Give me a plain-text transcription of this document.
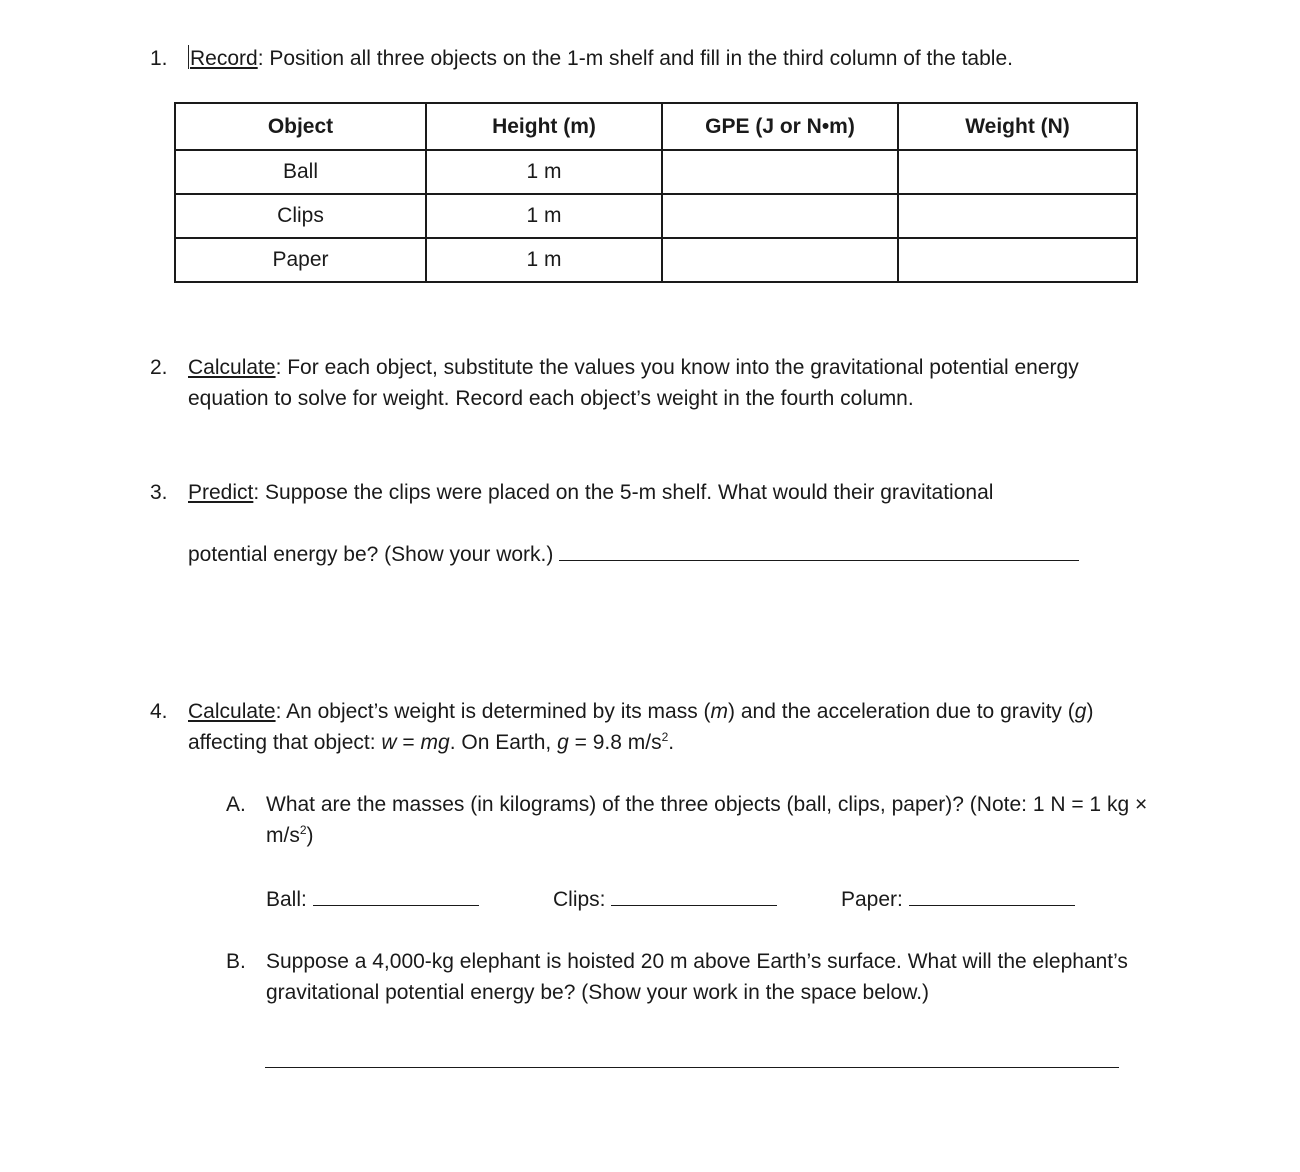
1.	Record: Position all three objects on the 1-m shelf and fill in the third column of the table.
Object	Height (m)	GPE (J or N•m)	Weight (N)
Ball	1 m		
Clips	1 m		
Paper	1 m		
2. Calculate: For each object, substitute the values you know into the gravitational potential energy equation to solve for weight. Record each object’s weight in the fourth column.
3. Predict: Suppose the clips were placed on the 5-m shelf. What would their gravitational
potential energy be? (Show your work.)
4. Calculate: An object’s weight is determined by its mass (m) and the acceleration due to gravity (g) affecting that object: w = mg. On Earth, g = 9.8 $m/s^2$.
A. What are the masses (in kilograms) of the three objects (ball, clips, paper)? (Note: 1 N = 1 kg × $m/s^2$)
Ball:	Clips:	Paper:
B. Suppose a 4,000-kg elephant is hoisted 20 m above Earth’s surface. What will the elephant’s gravitational potential energy be? (Show your work in the space below.)
